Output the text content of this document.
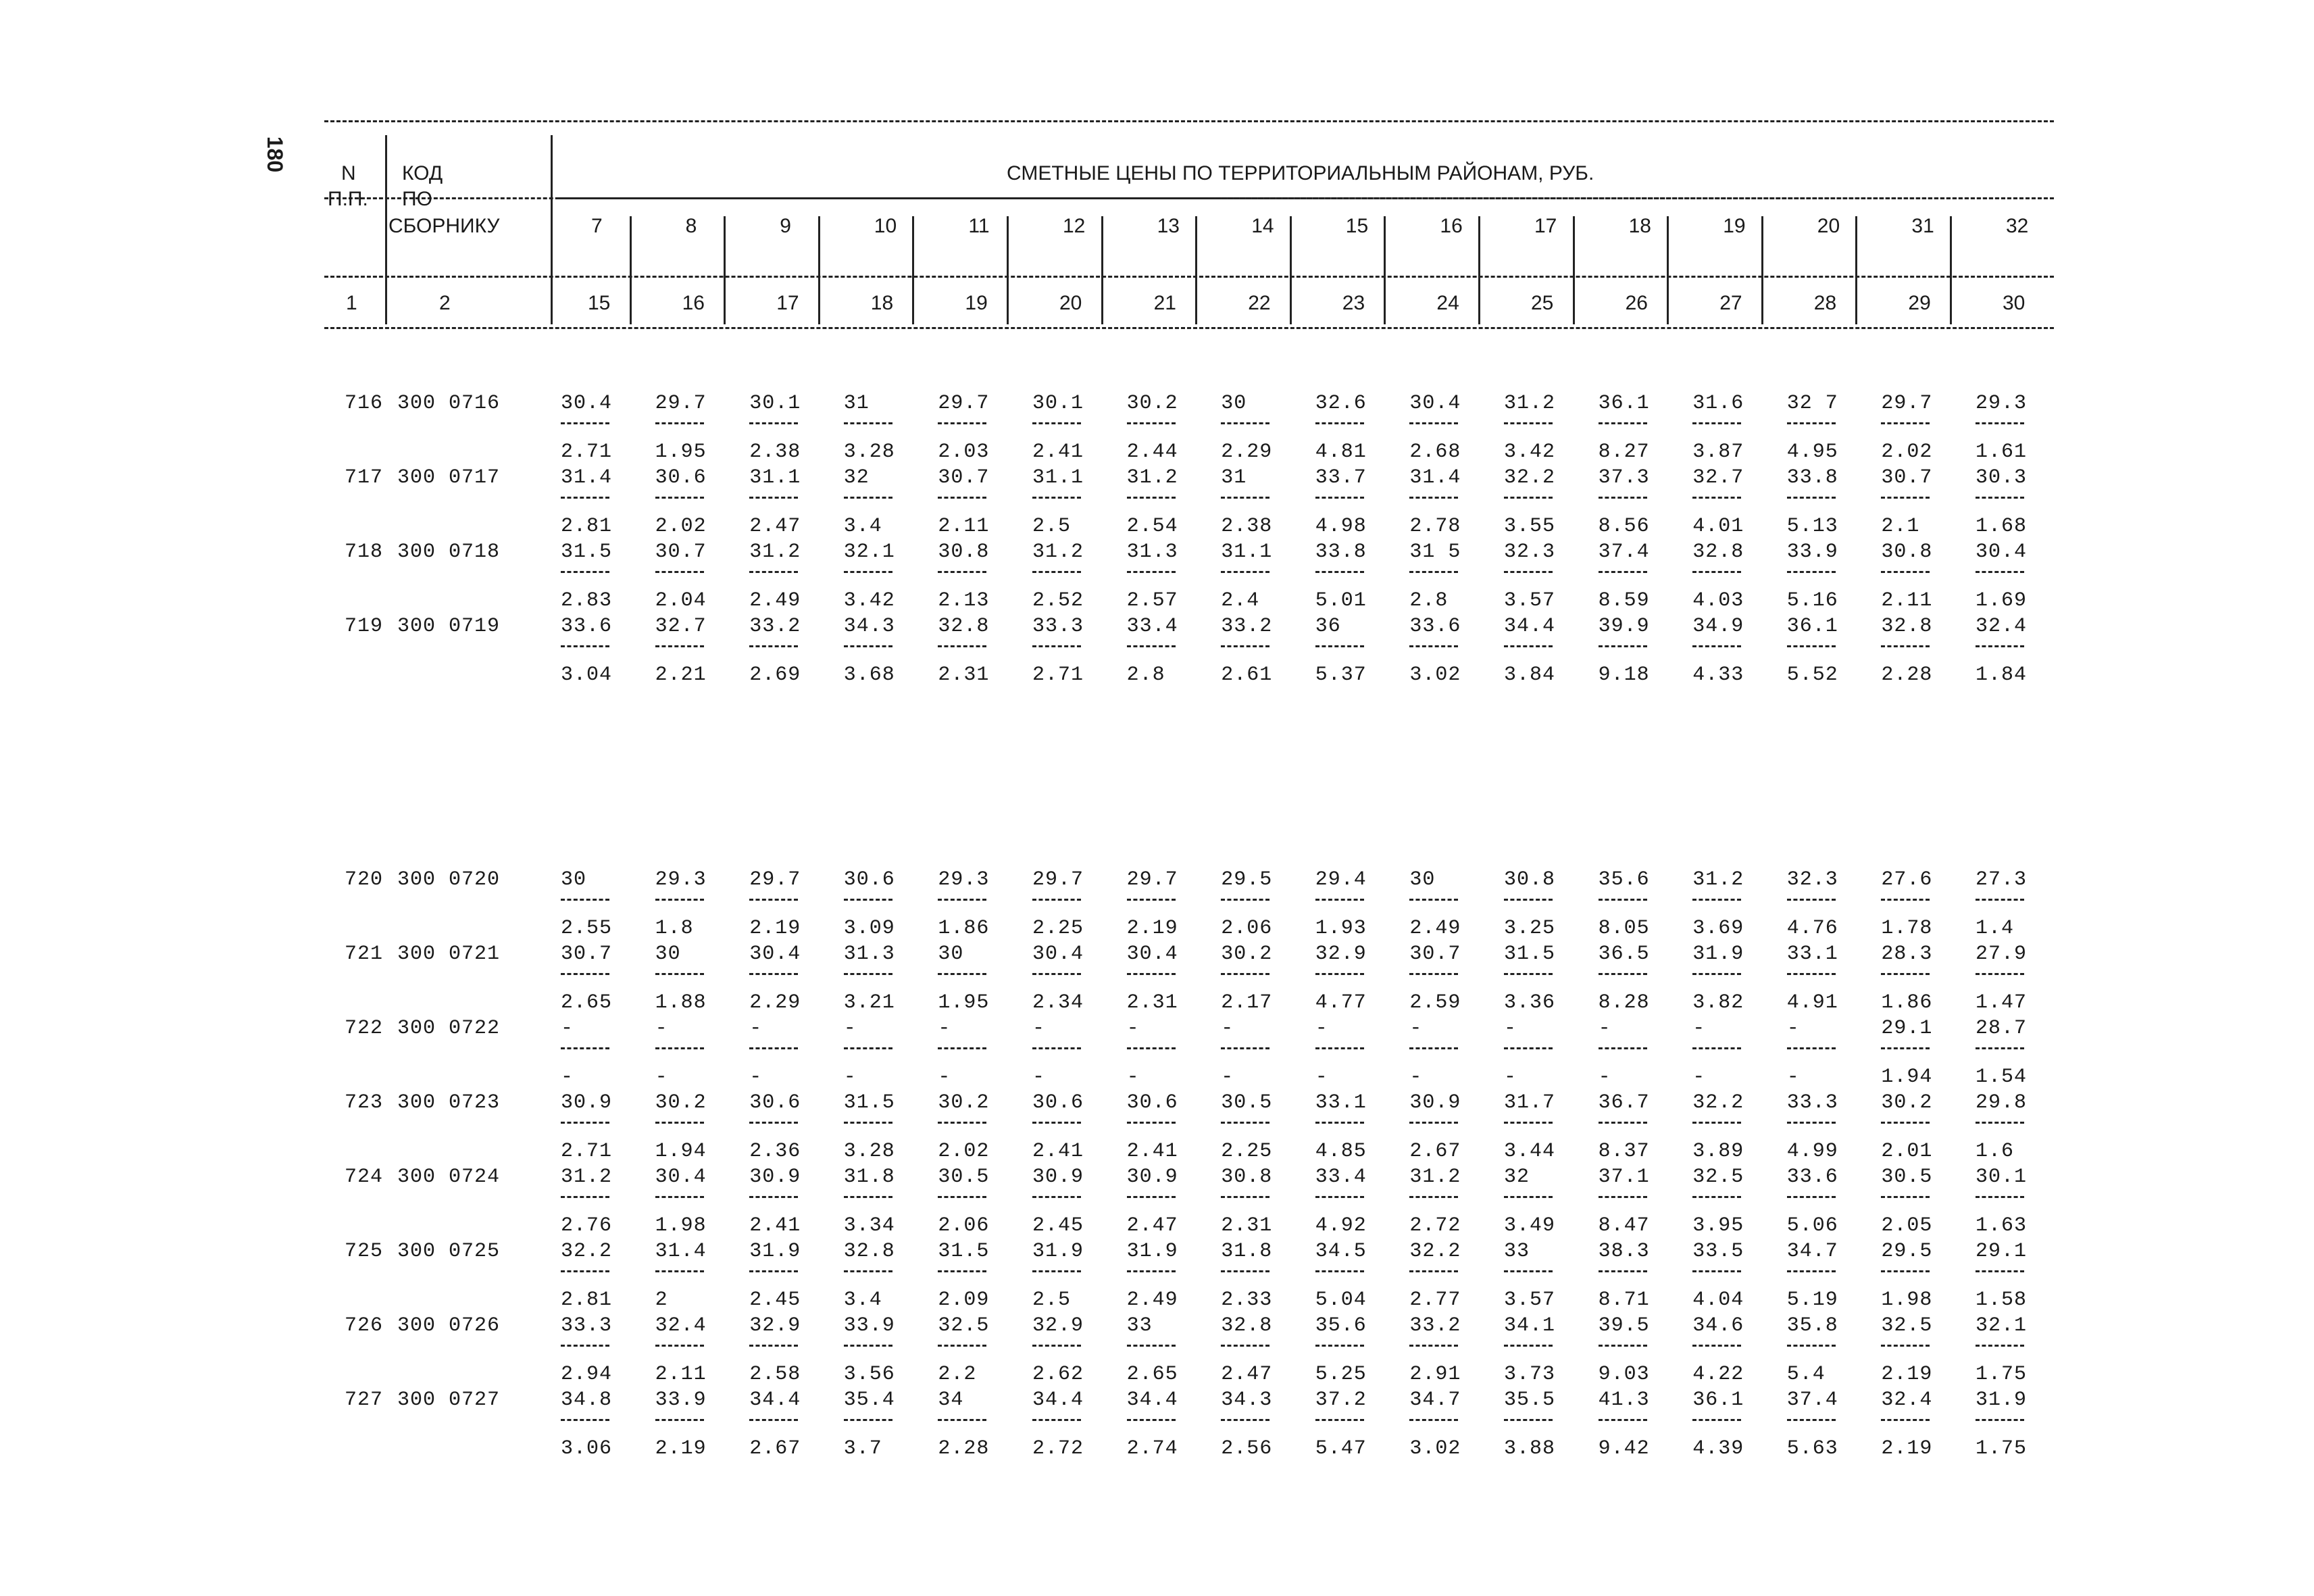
180
N
П.П.
КОД
ПО
СБОРНИКУ
СМЕТНЫЕ ЦЕНЫ ПО ТЕРРИТОРИАЛЬНЫМ РАЙОНАМ, РУБ.
7	8	9	10	11	12	13	14	15	16	17	18	19	20	31	32
1	2	15	16	17	18	19	20	21	22	23	24	25	26	27	28	29	30
716 300 0716	30.4 29.7 30.1 31	29.7 30.1 30.2 30	32.6 30.4 31.2 36.1 31.6 32 7 29.7 29.3
2.71 1.95 2.38 3.28 2.03 2.41 2.44 2.29 4.81 2.68 3.42 8.27 3.87 4.95 2.02 1.61
717 300 0717	31.4 30.6 31.1 32	30.7 31.1 31.2 31	33.7 31.4 32.2 37.3 32.7 33.8 30.7 30.3
2.81 2.02 2.47 3.4	2.11 2.5	2.54 2.38 4.98 2.78 3.55 8.56 4.01 5.13 2.1	1.68
718 300 0718	31.5 30.7 31.2 32.1 30.8 31.2 31.3 31.1 33.8 31 5 32.3 37.4 32.8 33.9 30.8 30.4
2.83 2.04 2.49 3.42 2.13 2.52 2.57 2.4	5.01 2.8	3.57 8.59 4.03 5.16 2.11 1.69
719 300 0719	33.6 32.7 33.2 34.3 32.8 33.3 33.4 33.2 36	33.6 34.4 39.9 34.9 36.1 32.8 32.4
3.04 2.21 2.69 3.68 2.31 2.71 2.8	2.61 5.37 3.02 3.84 9.18 4.33 5.52 2.28 1.84
720 300 0720	30	29.3 29.7 30.6 29.3 29.7 29.7 29.5 29.4 30	30.8 35.6 31.2 32.3 27.6 27.3
2.55 1.8	2.19 3.09 1.86 2.25 2.19 2.06 1.93 2.49 3.25 8.05 3.69 4.76 1.78 1.4
721 300 0721	30.7 30	30.4 31.3 30	30.4 30.4 30.2 32.9 30.7 31.5 36.5 31.9 33.1 28.3 27.9
2.65 1.88 2.29 3.21 1.95 2.34 2.31 2.17 4.77 2.59 3.36 8.28 3.82 4.91 1.86 1.47
722 300 0722	-	-	-	-	-	-	-	-	-	-	-	-	-	-	29.1 28.7
-	-	-	-	-	-	-	-	-	-	-	-	-	-	1.94 1.54
723 300 0723	30.9 30.2 30.6 31.5 30.2 30.6 30.6 30.5 33.1 30.9 31.7 36.7 32.2 33.3 30.2 29.8
2.71 1.94 2.36 3.28 2.02 2.41 2.41 2.25 4.85 2.67 3.44 8.37 3.89 4.99 2.01 1.6
724 300 0724	31.2 30.4 30.9 31.8 30.5 30.9 30.9 30.8 33.4 31.2 32	37.1 32.5 33.6 30.5 30.1
2.76 1.98 2.41 3.34 2.06 2.45 2.47 2.31 4.92 2.72 3.49 8.47 3.95 5.06 2.05 1.63
725 300 0725	32.2 31.4 31.9 32.8 31.5 31.9 31.9 31.8 34.5 32.2 33	38.3 33.5 34.7 29.5 29.1
2.81 2	2.45 3.4	2.09 2.5	2.49 2.33 5.04 2.77 3.57 8.71 4.04 5.19 1.98 1.58
726 300 0726	33.3 32.4 32.9 33.9 32.5 32.9 33	32.8 35.6 33.2 34.1 39.5 34.6 35.8 32.5 32.1
2.94 2.11 2.58 3.56 2.2	2.62 2.65 2.47 5.25 2.91 3.73 9.03 4.22 5.4	2.19 1.75
727 300 0727	34.8 33.9 34.4 35.4 34	34.4 34.4 34.3 37.2 34.7 35.5 41.3 36.1 37.4 32.4 31.9
3.06 2.19 2.67 3.7	2.28 2.72 2.74 2.56 5.47 3.02 3.88 9.42 4.39 5.63 2.19 1.75
